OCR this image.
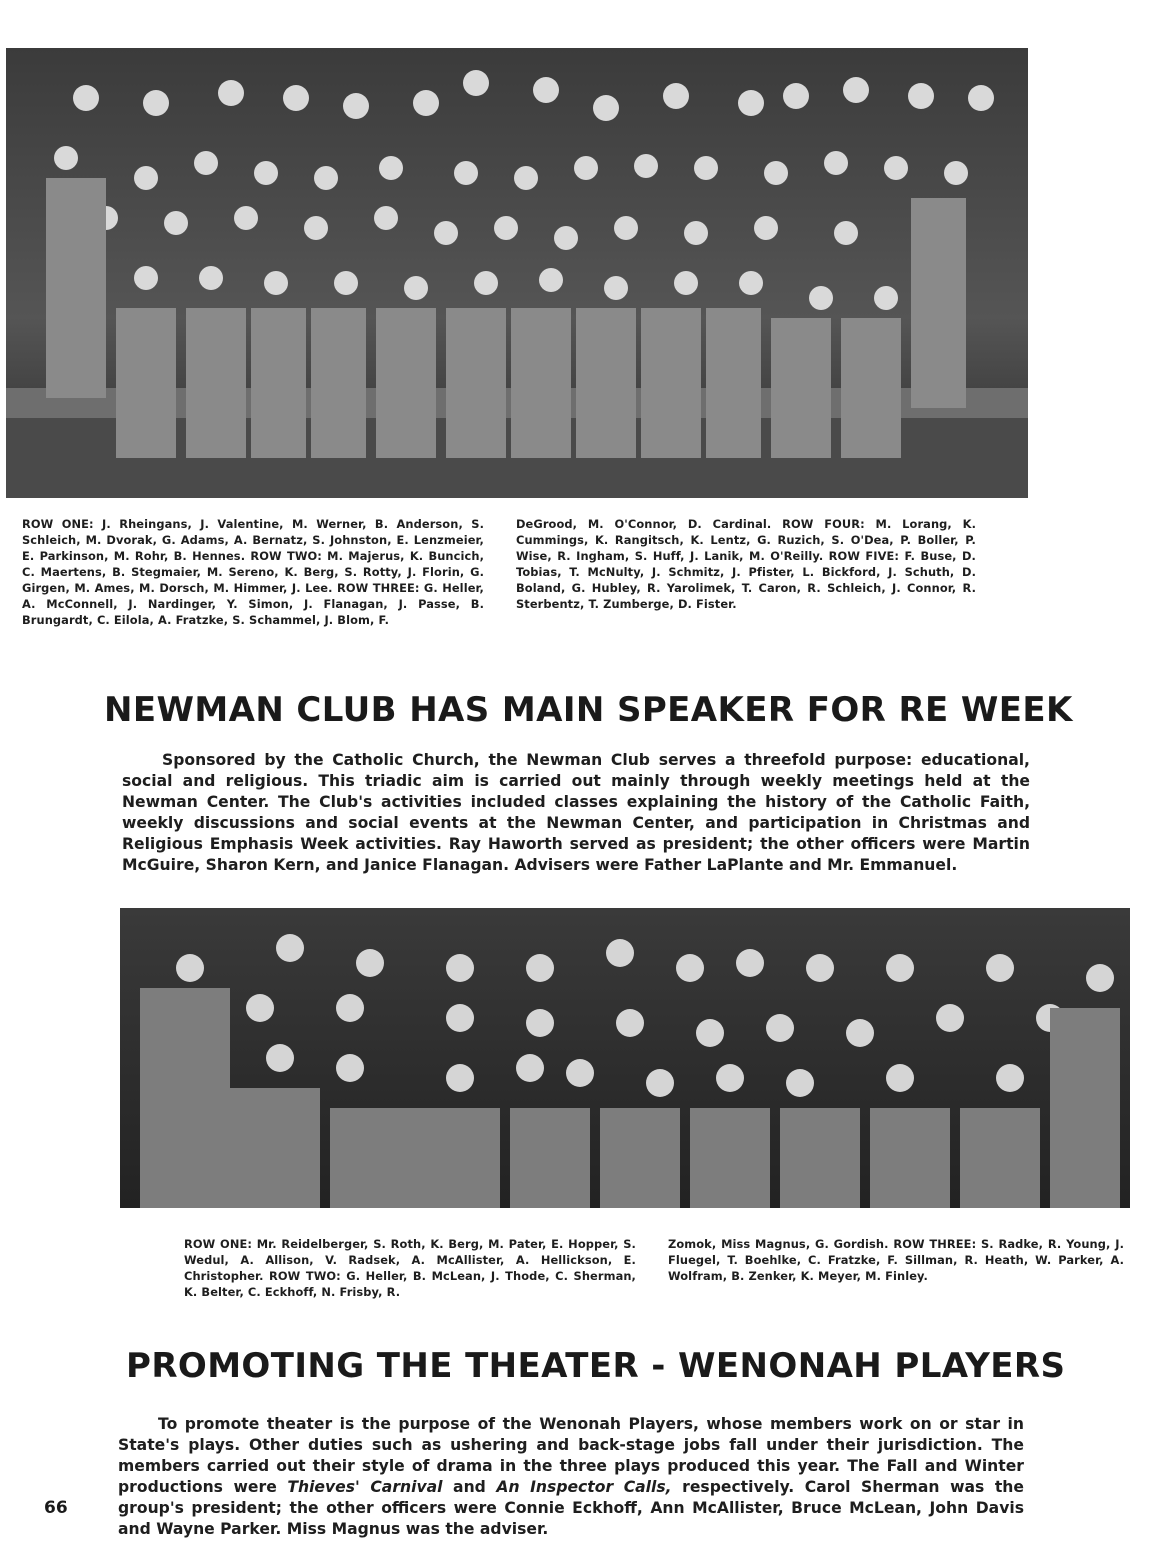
ROW ONE: J. Rheingans, J. Valentine, M. Werner, B. Anderson, S. Schleich, M. Dvorak, G. Adams, A. Bernatz, S. Johnston, E. Lenzmeier, E. Parkinson, M. Rohr, B. Hennes. ROW TWO: M. Majerus, K. Buncich, C. Maertens, B. Stegmaier, M. Sereno, K. Berg, S. Rotty, J. Florin, G. Girgen, M. Ames, M. Dorsch, M. Himmer, J. Lee. ROW THREE: G. Heller, A. McConnell, J. Nardinger, Y. Simon, J. Flanagan, J. Passe, B. Brungardt, C. Eilola, A. Fratzke, S. Schammel, J. Blom, F.
DeGrood, M. O'Connor, D. Cardinal. ROW FOUR: M. Lorang, K. Cummings, K. Rangitsch, K. Lentz, G. Ruzich, S. O'Dea, P. Boller, P. Wise, R. Ingham, S. Huff, J. Lanik, M. O'Reilly. ROW FIVE: F. Buse, D. Tobias, T. McNulty, J. Schmitz, J. Pfister, L. Bickford, J. Schuth, D. Boland, G. Hubley, R. Yarolimek, T. Caron, R. Schleich, J. Connor, R. Sterbentz, T. Zumberge, D. Fister.
NEWMAN CLUB HAS MAIN SPEAKER FOR RE WEEK

Sponsored by the Catholic Church, the Newman Club serves a threefold purpose: educational, social and religious. This triadic aim is carried out mainly through weekly meetings held at the Newman Center. The Club's activities included classes explaining the history of the Catholic Faith, weekly discussions and social events at the Newman Center, and participation in Christmas and Religious Emphasis Week activities. Ray Haworth served as president; the other officers were Martin McGuire, Sharon Kern, and Janice Flanagan. Advisers were Father LaPlante and Mr. Emmanuel.

ROW ONE: Mr. Reidelberger, S. Roth, K. Berg, M. Pater, E. Hopper, S. Wedul, A. Allison, V. Radsek, A. McAllister, A. Hellickson, E. Christopher. ROW TWO: G. Heller, B. McLean, J. Thode, C. Sherman, K. Belter, C. Eckhoff, N. Frisby, R.
Zomok, Miss Magnus, G. Gordish. ROW THREE: S. Radke, R. Young, J. Fluegel, T. Boehlke, C. Fratzke, F. Sillman, R. Heath, W. Parker, A. Wolfram, B. Zenker, K. Meyer, M. Finley.
PROMOTING THE THEATER - WENONAH PLAYERS

To promote theater is the purpose of the Wenonah Players, whose members work on or star in State's plays. Other duties such as ushering and back-stage jobs fall under their jurisdiction. The members carried out their style of drama in the three plays produced this year. The Fall and Winter productions were Thieves' Carnival and An Inspector Calls, respectively. Carol Sherman was the group's president; the other officers were Connie Eckhoff, Ann McAllister, Bruce McLean, John Davis and Wayne Parker. Miss Magnus was the adviser.

66
